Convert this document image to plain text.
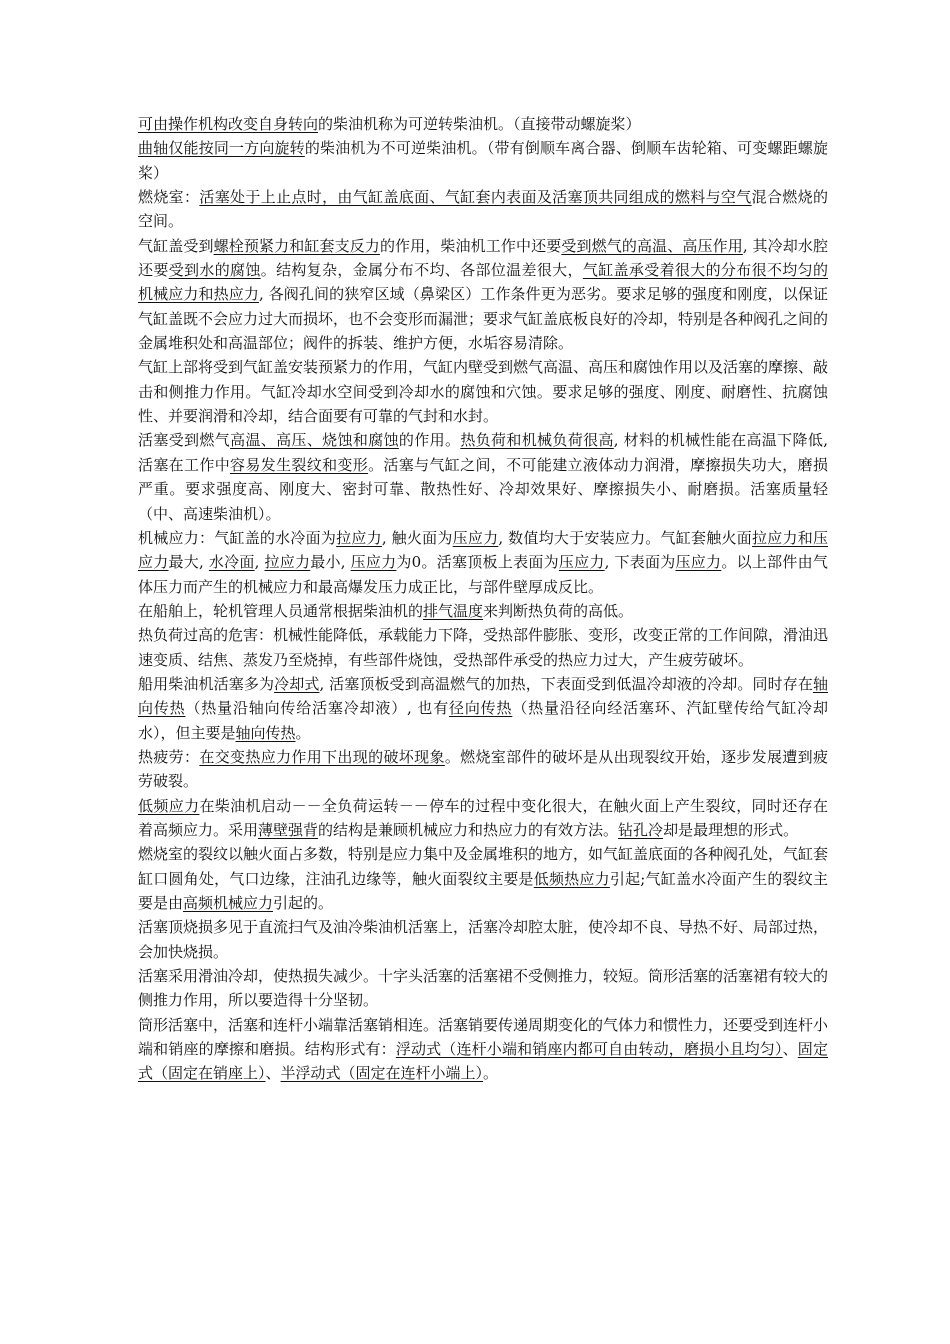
可由操作机构改变自身转向的柴油机称为可逆转柴油机。（直接带动螺旋桨）

曲轴仅能按同一方向旋转的柴油机为不可逆柴油机。（带有倒顺车离合器、倒顺车齿轮箱、可变螺距螺旋桨）

燃烧室：活塞处于上止点时，由气缸盖底面、气缸套内表面及活塞顶共同组成的燃料与空气混合燃烧的空间。

气缸盖受到螺栓预紧力和缸套支反力的作用，柴油机工作中还要受到燃气的高温、高压作用, 其冷却水腔还要受到水的腐蚀。结构复杂，金属分布不均、各部位温差很大，气缸盖承受着很大的分布很不均匀的机械应力和热应力, 各阀孔间的狭窄区域（鼻梁区）工作条件更为恶劣。要求足够的强度和刚度，以保证气缸盖既不会应力过大而损坏，也不会变形而漏泄；要求气缸盖底板良好的冷却，特别是各种阀孔之间的金属堆积处和高温部位；阀件的拆装、维护方便，水垢容易清除。

气缸上部将受到气缸盖安装预紧力的作用，气缸内壁受到燃气高温、高压和腐蚀作用以及活塞的摩擦、敲击和侧推力作用。气缸冷却水空间受到冷却水的腐蚀和穴蚀。要求足够的强度、刚度、耐磨性、抗腐蚀性、并要润滑和冷却，结合面要有可靠的气封和水封。

活塞受到燃气高温、高压、烧蚀和腐蚀的作用。热负荷和机械负荷很高, 材料的机械性能在高温下降低, 活塞在工作中容易发生裂纹和变形。活塞与气缸之间，不可能建立液体动力润滑，摩擦损失功大，磨损严重。要求强度高、刚度大、密封可靠、散热性好、冷却效果好、摩擦损失小、耐磨损。活塞质量轻（中、高速柴油机）。

机械应力：气缸盖的水冷面为拉应力, 触火面为压应力, 数值均大于安装应力。气缸套触火面拉应力和压应力最大, 水冷面, 拉应力最小, 压应力为0。活塞顶板上表面为压应力, 下表面为压应力。以上部件由气体压力而产生的机械应力和最高爆发压力成正比，与部件壁厚成反比。

在船舶上，轮机管理人员通常根据柴油机的排气温度来判断热负荷的高低。

热负荷过高的危害：机械性能降低，承载能力下降，受热部件膨胀、变形，改变正常的工作间隙，滑油迅速变质、结焦、蒸发乃至烧掉，有些部件烧蚀，受热部件承受的热应力过大，产生疲劳破坏。

船用柴油机活塞多为冷却式, 活塞顶板受到高温燃气的加热，下表面受到低温冷却液的冷却。同时存在轴向传热（热量沿轴向传给活塞冷却液）, 也有径向传热（热量沿径向经活塞环、汽缸壁传给气缸冷却水），但主要是轴向传热。

热疲劳：在交变热应力作用下出现的破坏现象。燃烧室部件的破坏是从出现裂纹开始，逐步发展遭到疲劳破裂。

低频应力在柴油机启动－－全负荷运转－－停车的过程中变化很大，在触火面上产生裂纹，同时还存在着高频应力。采用薄壁强背的结构是兼顾机械应力和热应力的有效方法。钻孔冷却是最理想的形式。

燃烧室的裂纹以触火面占多数，特别是应力集中及金属堆积的地方，如气缸盖底面的各种阀孔处，气缸套缸口圆角处，气口边缘，注油孔边缘等，触火面裂纹主要是低频热应力引起;气缸盖水冷面产生的裂纹主要是由高频机械应力引起的。

活塞顶烧损多见于直流扫气及油冷柴油机活塞上，活塞冷却腔太脏，使冷却不良、导热不好、局部过热，会加快烧损。

活塞采用滑油冷却，使热损失减少。十字头活塞的活塞裙不受侧推力，较短。筒形活塞的活塞裙有较大的侧推力作用，所以要造得十分坚韧。

筒形活塞中，活塞和连杆小端靠活塞销相连。活塞销要传递周期变化的气体力和惯性力，还要受到连杆小端和销座的摩擦和磨损。结构形式有：浮动式（连杆小端和销座内都可自由转动，磨损小且均匀）、固定式（固定在销座上）、半浮动式（固定在连杆小端上）。
